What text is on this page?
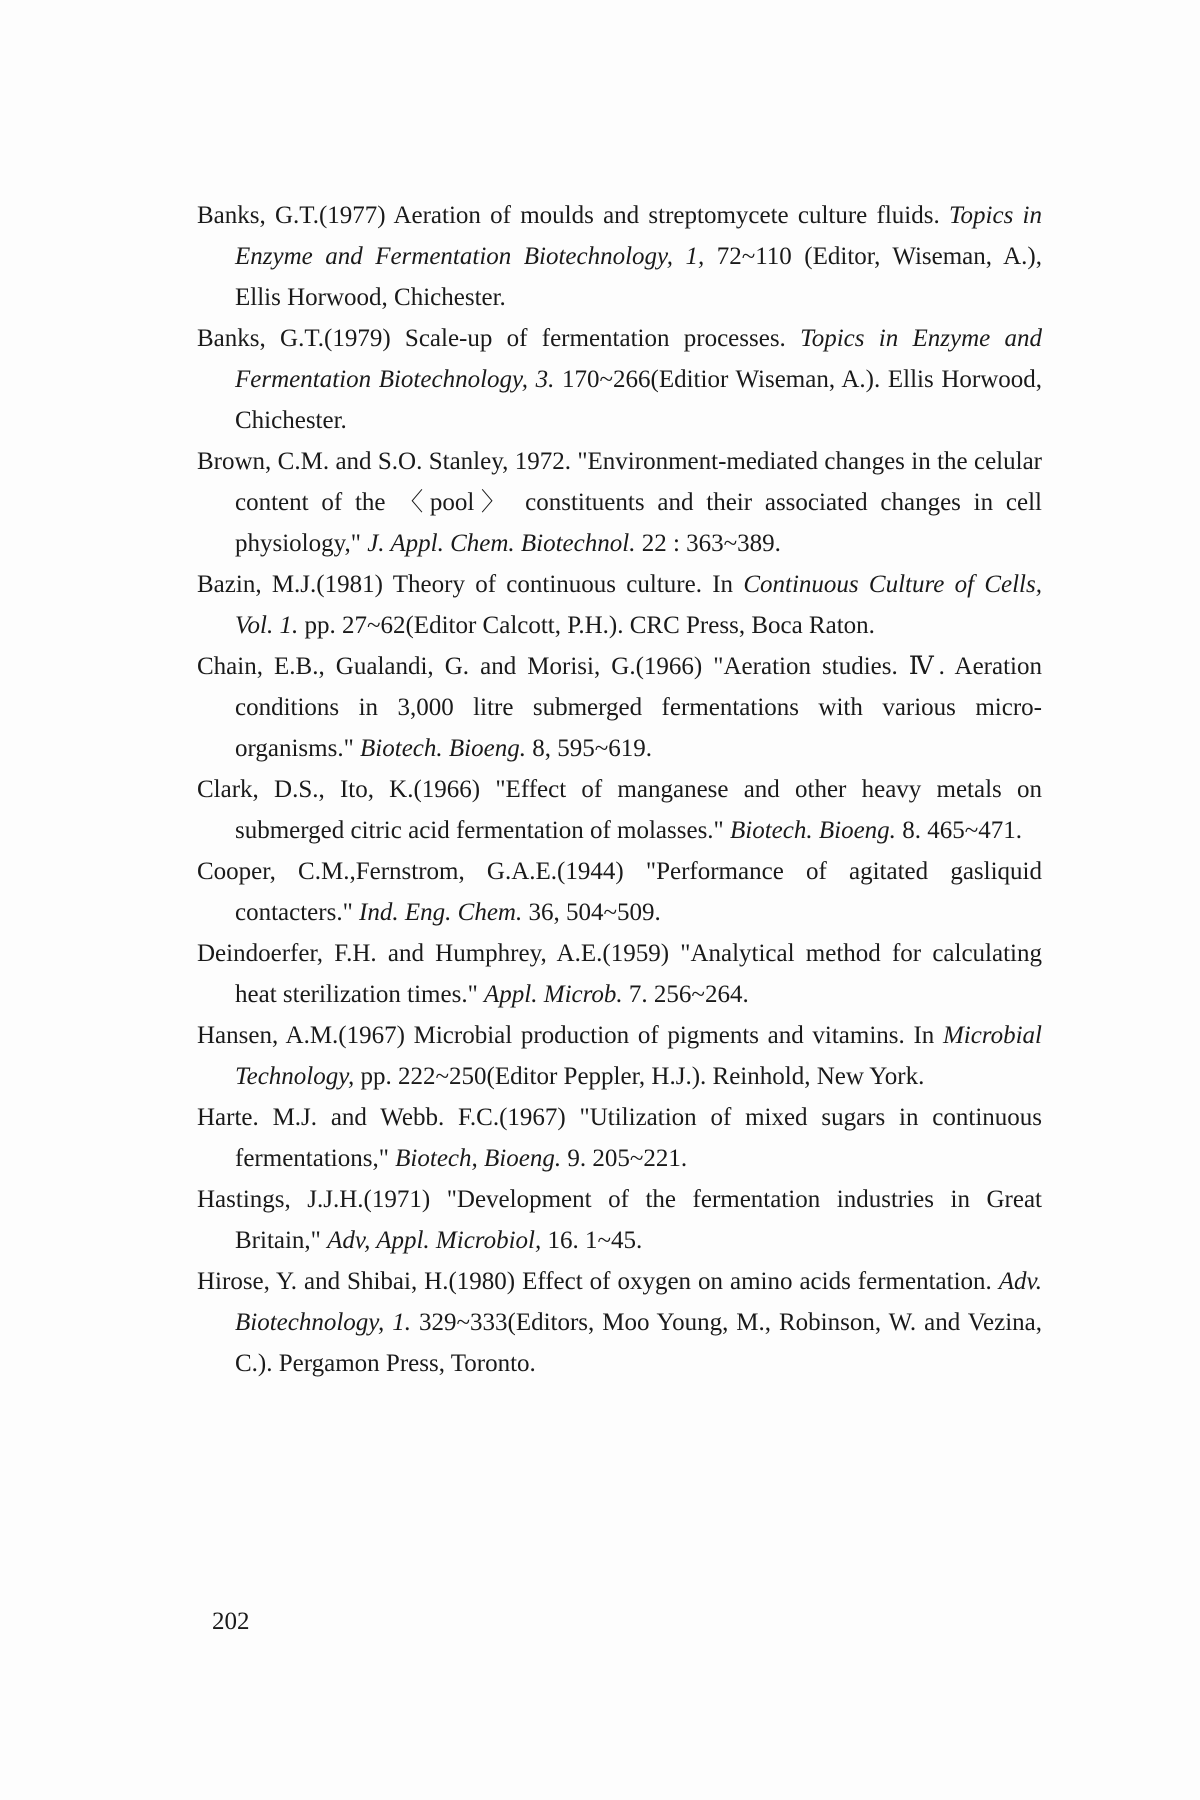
Banks, G.T.(1977) Aeration of moulds and streptomycete culture fluids. Topics in Enzyme and Fermentation Biotechnology, 1, 72~110 (Editor, Wiseman, A.), Ellis Horwood, Chichester.

Banks, G.T.(1979) Scale-up of fermentation processes. Topics in Enzyme and Fermentation Biotechnology, 3. 170~266(Editior Wiseman, A.). Ellis Horwood, Chichester.

Brown, C.M. and S.O. Stanley, 1972. "Environment-mediated changes in the celular content of the 〈pool〉 constituents and their associated changes in cell physiology," J. Appl. Chem. Biotechnol. 22 : 363~389.

Bazin, M.J.(1981) Theory of continuous culture. In Continuous Culture of Cells, Vol. 1. pp. 27~62(Editor Calcott, P.H.). CRC Press, Boca Raton.

Chain, E.B., Gualandi, G. and Morisi, G.(1966) "Aeration studies. Ⅳ. Aeration conditions in 3,000 litre submerged fermentations with various micro-organisms." Biotech. Bioeng. 8, 595~619.

Clark, D.S., Ito, K.(1966) "Effect of manganese and other heavy metals on submerged citric acid fermentation of molasses." Biotech. Bioeng. 8. 465~471.

Cooper, C.M.,Fernstrom, G.A.E.(1944) "Performance of agitated gasliquid contacters." Ind. Eng. Chem. 36, 504~509.

Deindoerfer, F.H. and Humphrey, A.E.(1959) "Analytical method for calculating heat sterilization times." Appl. Microb. 7. 256~264.

Hansen, A.M.(1967) Microbial production of pigments and vitamins. In Microbial Technology, pp. 222~250(Editor Peppler, H.J.). Reinhold, New York.

Harte. M.J. and Webb. F.C.(1967) "Utilization of mixed sugars in continuous fermentations," Biotech, Bioeng. 9. 205~221.

Hastings, J.J.H.(1971) "Development of the fermentation industries in Great Britain," Adv, Appl. Microbiol, 16. 1~45.

Hirose, Y. and Shibai, H.(1980) Effect of oxygen on amino acids fermentation. Adv. Biotechnology, 1. 329~333(Editors, Moo Young, M., Robinson, W. and Vezina, C.). Pergamon Press, Toronto.

202
